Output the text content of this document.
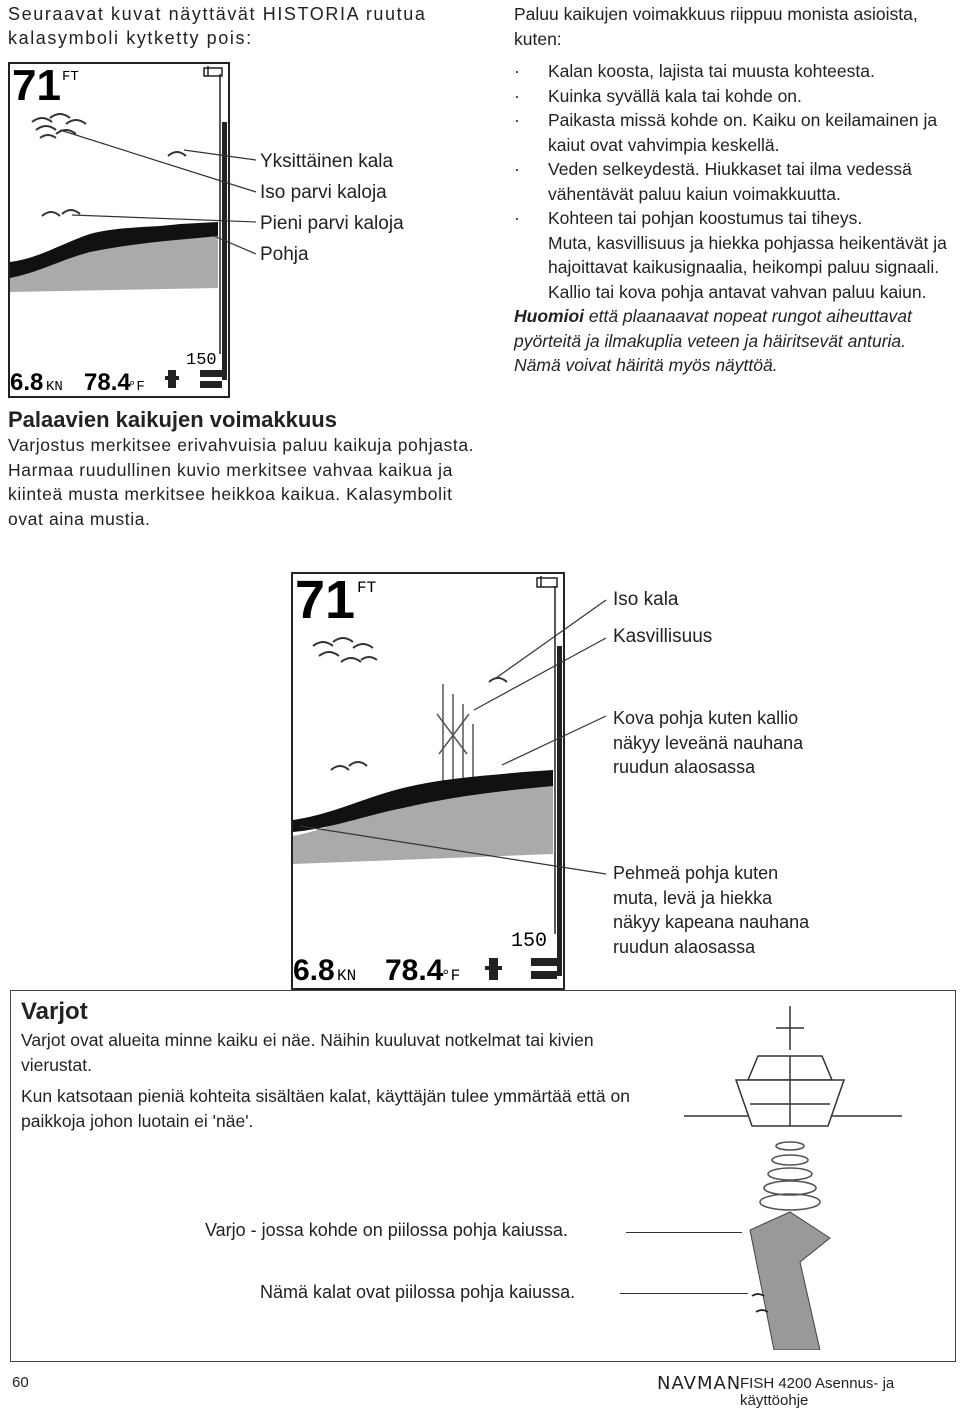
Seuraavat kuvat näyttävät HISTORIA ruutua kalasymboli kytketty pois:

71 FT
150
6.8 KN 78.4
°F
Yksittäinen kala
Iso parvi kaloja
Pieni parvi kaloja
Pohja
Palaavien kaikujen voimakkuus

Varjostus merkitsee erivahvuisia paluu kaikuja pohjasta. Harmaa ruudullinen kuvio merkitsee vahvaa kaikua ja kiinteä musta merkitsee heikkoa kaikua. Kalasymbolit ovat aina mustia.

Paluu kaikujen voimakkuus riippuu monista asioista, kuten:

· Kalan koosta, lajista tai muusta kohteesta.
· Kuinka syvällä kala tai kohde on.
· Paikasta missä kohde on. Kaiku on keilamainen ja kaiut ovat vahvimpia keskellä.
· Veden selkeydestä. Hiukkaset tai ilma vedessä vähentävät paluu kaiun voimakkuutta.
· Kohteen tai pohjan koostumus tai tiheys.
Muta, kasvillisuus ja hiekka pohjassa heikentävät ja hajoittavat kaikusignaalia, heikompi paluu signaali. Kallio tai kova pohja antavat vahvan paluu kaiun.

Huomioi että plaanaavat nopeat rungot aiheuttavat pyörteitä ja ilmakuplia veteen ja häiritsevät anturia. Nämä voivat häiritä myös näyttöä.

71 FT
150
6.8 KN 78.4
°F
Iso kala
Kasvillisuus
Kova pohja kuten kallio
näkyy leveänä nauhana
ruudun alaosassa
Pehmeä pohja kuten
muta, levä ja hiekka
näkyy kapeana nauhana
ruudun alaosassa
Varjot

Varjot ovat alueita minne kaiku ei näe. Näihin kuuluvat notkelmat tai kivien vierustat.

Kun katsotaan pieniä kohteita sisältäen kalat, käyttäjän tulee ymmärtää että on paikkoja johon luotain ei 'näe'.

Varjo - jossa kohde on piilossa pohja kaiussa.
Nämä kalat ovat piilossa pohja kaiussa.
60	NAVMAN
FISH 4200 Asennus- ja käyttöohje
